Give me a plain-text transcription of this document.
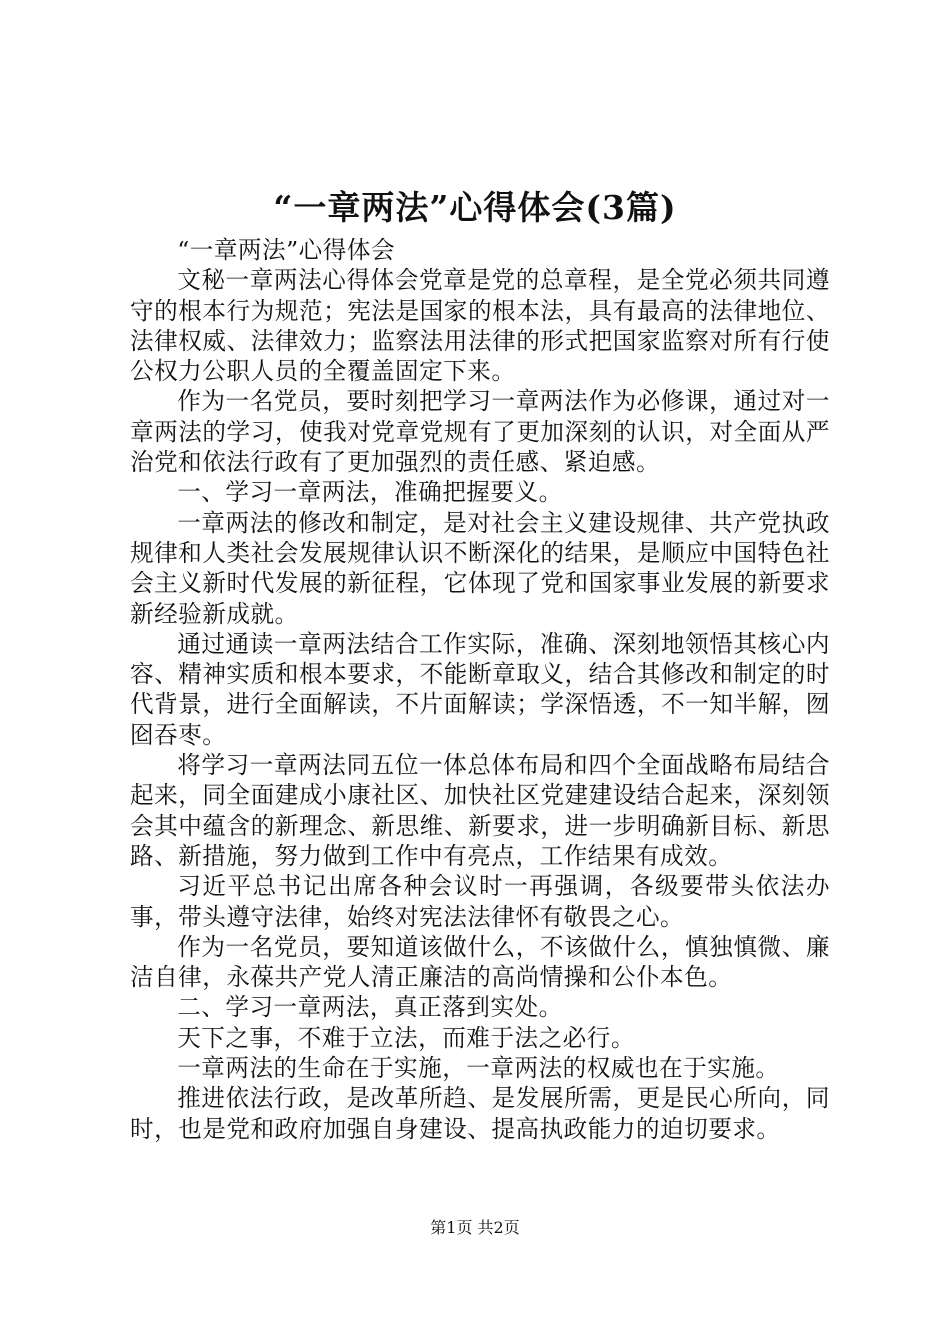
“一章两法”心得体会(3篇)

“一章两法”心得体会

文秘一章两法心得体会党章是党的总章程，是全党必须共同遵守的根本行为规范；宪法是国家的根本法，具有最高的法律地位、法律权威、法律效力；监察法用法律的形式把国家监察对所有行使公权力公职人员的全覆盖固定下来。

作为一名党员，要时刻把学习一章两法作为必修课，通过对一章两法的学习，使我对党章党规有了更加深刻的认识，对全面从严治党和依法行政有了更加强烈的责任感、紧迫感。

一、学习一章两法，准确把握要义。

一章两法的修改和制定，是对社会主义建设规律、共产党执政规律和人类社会发展规律认识不断深化的结果，是顺应中国特色社会主义新时代发展的新征程，它体现了党和国家事业发展的新要求新经验新成就。

通过通读一章两法结合工作实际，准确、深刻地领悟其核心内容、精神实质和根本要求，不能断章取义，结合其修改和制定的时代背景，进行全面解读，不片面解读；学深悟透，不一知半解，囫囵吞枣。

将学习一章两法同五位一体总体布局和四个全面战略布局结合起来，同全面建成小康社区、加快社区党建建设结合起来，深刻领会其中蕴含的新理念、新思维、新要求，进一步明确新目标、新思路、新措施，努力做到工作中有亮点，工作结果有成效。

习近平总书记出席各种会议时一再强调，各级要带头依法办事，带头遵守法律，始终对宪法法律怀有敬畏之心。

作为一名党员，要知道该做什么，不该做什么，慎独慎微、廉洁自律，永葆共产党人清正廉洁的高尚情操和公仆本色。

二、学习一章两法，真正落到实处。

天下之事，不难于立法，而难于法之必行。

一章两法的生命在于实施，一章两法的权威也在于实施。

推进依法行政，是改革所趋、是发展所需，更是民心所向，同时，也是党和政府加强自身建设、提高执政能力的迫切要求。

第1页 共2页
